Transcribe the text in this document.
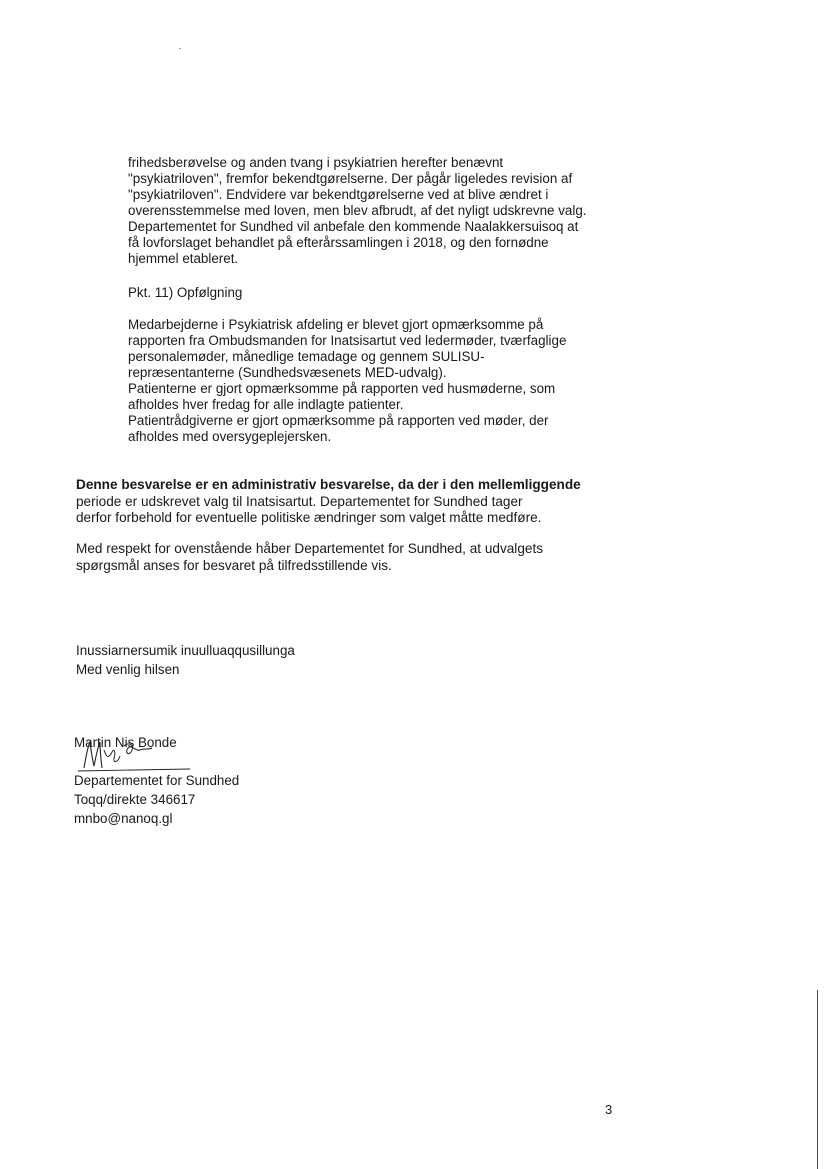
frihedsberøvelse og anden tvang i psykiatrien herefter benævnt
"psykiatriloven", fremfor bekendtgørelserne. Der pågår ligeledes revision af
"psykiatriloven". Endvidere var bekendtgørelserne ved at blive ændret i
overensstemmelse med loven, men blev afbrudt, af det nyligt udskrevne valg.
Departementet for Sundhed vil anbefale den kommende Naalakkersuisoq at
få lovforslaget behandlet på efterårssamlingen i 2018, og den fornødne
hjemmel etableret.
Pkt. 11) Opfølgning
Medarbejderne i Psykiatrisk afdeling er blevet gjort opmærksomme på
rapporten fra Ombudsmanden for Inatsisartut ved ledermøder, tværfaglige
personalemøder, månedlige temadage og gennem SULISU-
repræsentanterne (Sundhedsvæsenets MED-udvalg).
Patienterne er gjort opmærksomme på rapporten ved husmøderne, som
afholdes hver fredag for alle indlagte patienter.
Patientrådgiverne er gjort opmærksomme på rapporten ved møder, der
afholdes med oversygeplejersken.
Denne besvarelse er en administrativ besvarelse, da der i den mellemliggende
periode er udskrevet valg til Inatsisartut. Departementet for Sundhed tager
derfor forbehold for eventuelle politiske ændringer som valget måtte medføre.
Med respekt for ovenstående håber Departementet for Sundhed, at udvalgets
spørgsmål anses for besvaret på tilfredsstillende vis.
Inussiarnersumik inuulluaqqusillunga
Med venlig hilsen
Martin Nis Bonde

Departementet for Sundhed
Toqq/direkte 346617
mnbo@nanoq.gl
3
